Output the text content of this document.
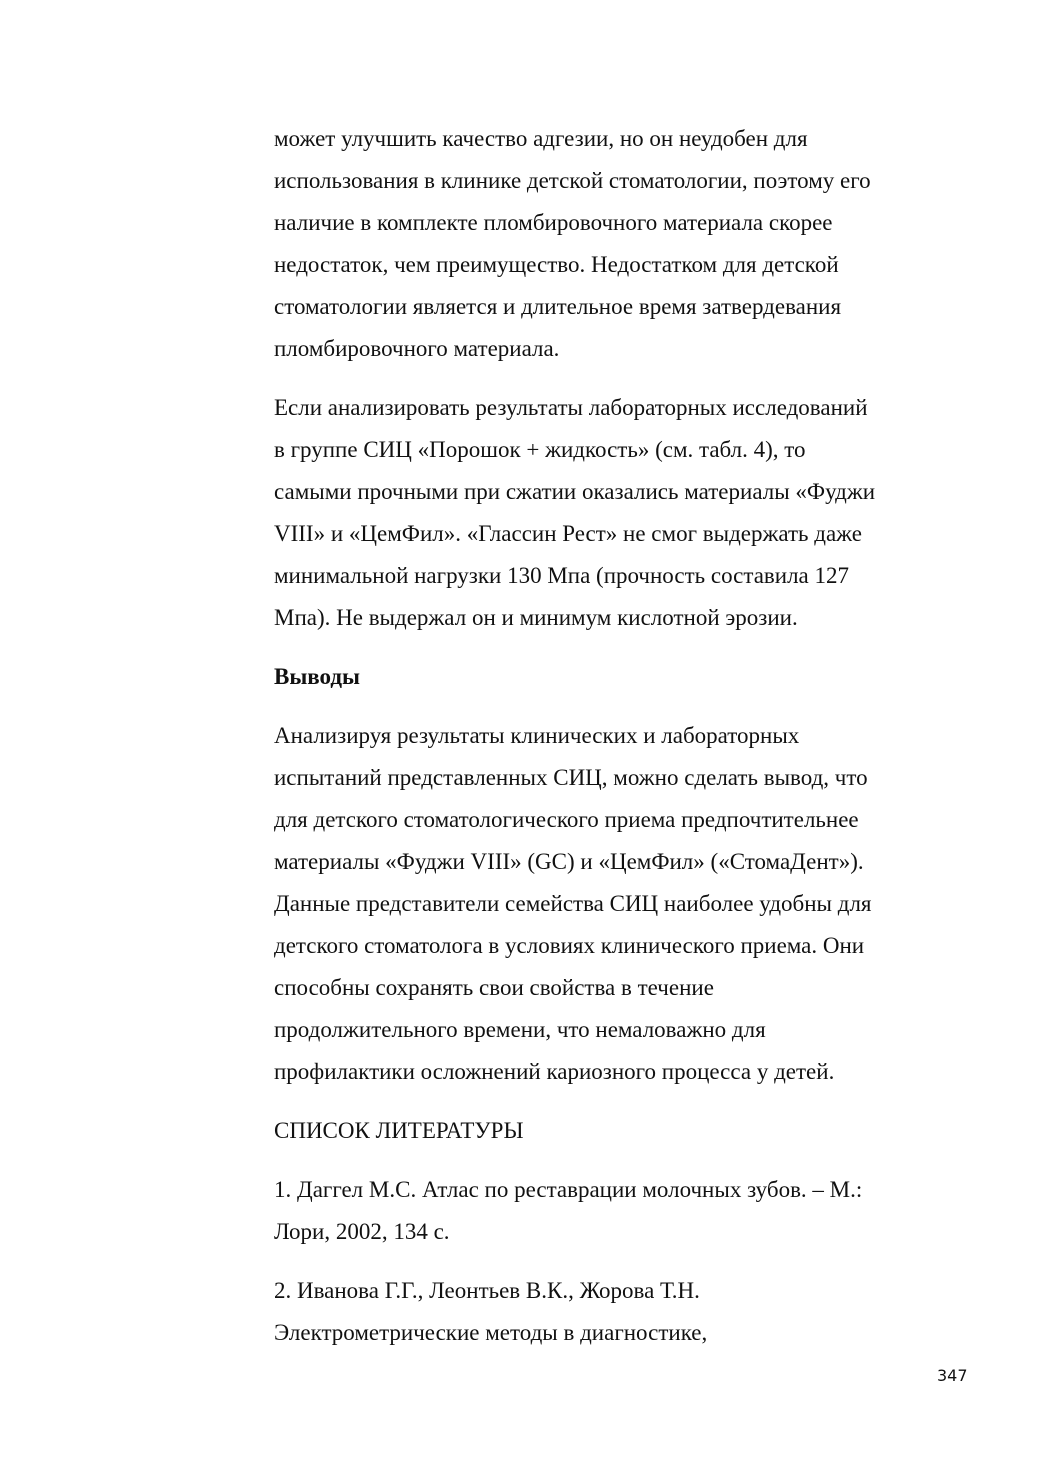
может улучшить качество адгезии, но он неудобен для
использования в клинике детской стоматологии, поэтому его
наличие в комплекте пломбировочного материала скорее
недостаток, чем преимущество. Недостатком для детской
стоматологии является и длительное время затвердевания
пломбировочного материала.
Если анализировать результаты лабораторных исследований
в группе СИЦ «Порошок + жидкость» (см. табл. 4), то
самыми прочными при сжатии оказались материалы «Фуджи
VIII» и «ЦемФил». «Глассин Рест» не смог выдержать даже
минимальной нагрузки 130 Мпа (прочность составила 127
Мпа). Не выдержал он и минимум кислотной эрозии.
Выводы
Анализируя результаты клинических и лабораторных
испытаний представленных СИЦ, можно сделать вывод, что
для детского стоматологического приема предпочтительнее
материалы «Фуджи VIII» (GC) и «ЦемФил» («СтомаДент»).
Данные представители семейства СИЦ наиболее удобны для
детского стоматолога в условиях клинического приема. Они
способны сохранять свои свойства в течение
продолжительного времени, что немаловажно для
профилактики осложнений кариозного процесса у детей.
СПИСОК ЛИТЕРАТУРЫ
1. Даггел М.С. Атлас по реставрации молочных зубов. – М.:
Лори, 2002, 134 с.
2. Иванова Г.Г., Леонтьев В.К., Жорова Т.Н.
Электрометрические методы в диагностике,
347
